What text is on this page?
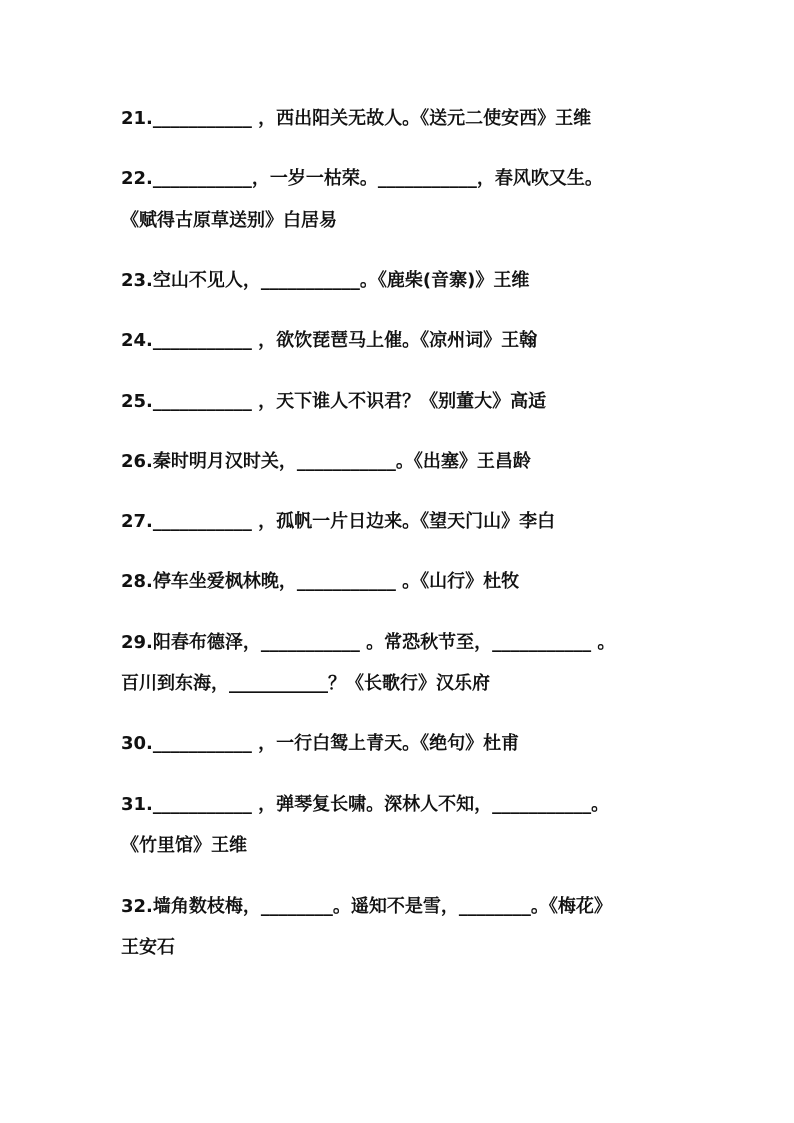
21.___________ ，西出阳关无故人。《送元二使安西》王维
22.___________，一岁一枯荣。___________，春风吹又生。
《赋得古原草送别》白居易
23.空山不见人，___________。《鹿柴(音寨)》王维
24.___________ ，欲饮琵琶马上催。《凉州词》王翰
25.___________ ，天下谁人不识君？《别董大》高适
26.秦时明月汉时关，___________。《出塞》王昌龄
27.___________ ，孤帆一片日边来。《望天门山》李白
28.停车坐爱枫林晚，___________ 。《山行》杜牧
29.阳春布德泽，___________ 。常恐秋节至，___________ 。
百川到东海，___________？《长歌行》汉乐府
30.___________ ，一行白鸳上青天。《绝句》杜甫
31.___________ ，弹琴复长啸。深林人不知，___________。
《竹里馆》王维
32.墙角数枝梅，________。遥知不是雪，________。《梅花》
王安石
